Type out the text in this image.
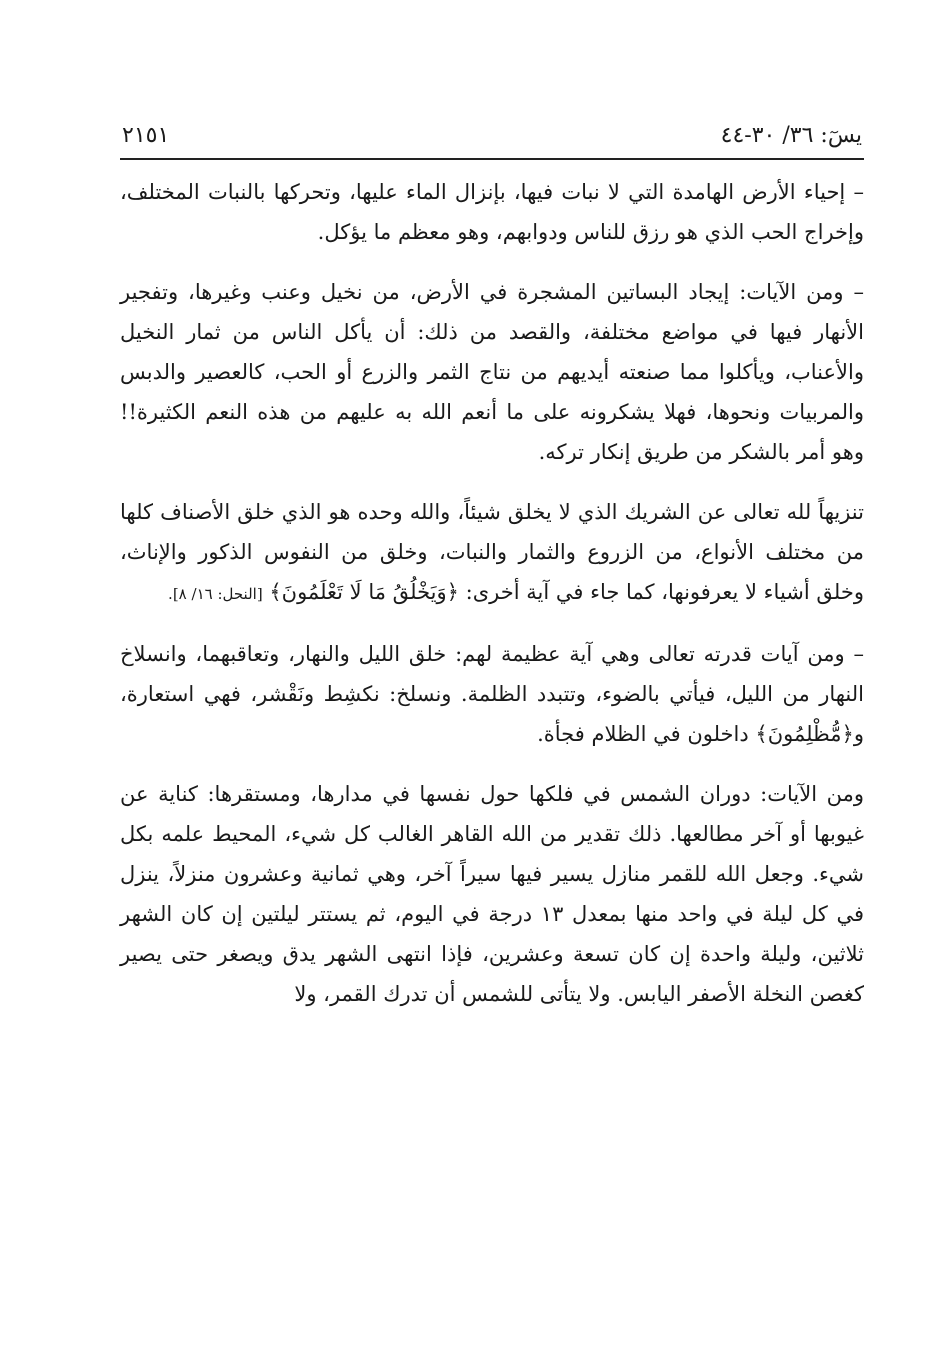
يسٓ: ٣٦/ ٣٠-٤٤
٢١٥١

– إحياء الأرض الهامدة التي لا نبات فيها، بإنزال الماء عليها، وتحركها بالنبات المختلف، وإخراج الحب الذي هو رزق للناس ودوابهم، وهو معظم ما يؤكل.

– ومن الآيات: إيجاد البساتين المشجرة في الأرض، من نخيل وعنب وغيرها، وتفجير الأنهار فيها في مواضع مختلفة، والقصد من ذلك: أن يأكل الناس من ثمار النخيل والأعناب، ويأكلوا مما صنعته أيديهم من نتاج الثمر والزرع أو الحب، كالعصير والدبس والمربيات ونحوها، فهلا يشكرونه على ما أنعم الله به عليهم من هذه النعم الكثيرة!! وهو أمر بالشكر من طريق إنكار تركه.

تنزيهاً لله تعالى عن الشريك الذي لا يخلق شيئاً، والله وحده هو الذي خلق الأصناف كلها من مختلف الأنواع، من الزروع والثمار والنبات، وخلق من النفوس الذكور والإناث، وخلق أشياء لا يعرفونها، كما جاء في آية أخرى: ﴿وَيَخْلُقُ مَا لَا تَعْلَمُونَ﴾ [النحل: ١٦/ ٨].

– ومن آيات قدرته تعالى وهي آية عظيمة لهم: خلق الليل والنهار، وتعاقبهما، وانسلاخ النهار من الليل، فيأتي بالضوء، وتتبدد الظلمة. ونسلخ: نكشِط ونَقْشر، فهي استعارة، و﴿مُّظْلِمُونَ﴾ داخلون في الظلام فجأة.

ومن الآيات: دوران الشمس في فلكها حول نفسها في مدارها، ومستقرها: كناية عن غيوبها أو آخر مطالعها. ذلك تقدير من الله القاهر الغالب كل شيء، المحيط علمه بكل شيء. وجعل الله للقمر منازل يسير فيها سيراً آخر، وهي ثمانية وعشرون منزلاً، ينزل في كل ليلة في واحد منها بمعدل ١٣ درجة في اليوم، ثم يستتر ليلتين إن كان الشهر ثلاثين، وليلة واحدة إن كان تسعة وعشرين، فإذا انتهى الشهر يدق ويصغر حتى يصير كغصن النخلة الأصفر اليابس. ولا يتأتى للشمس أن تدرك القمر، ولا
